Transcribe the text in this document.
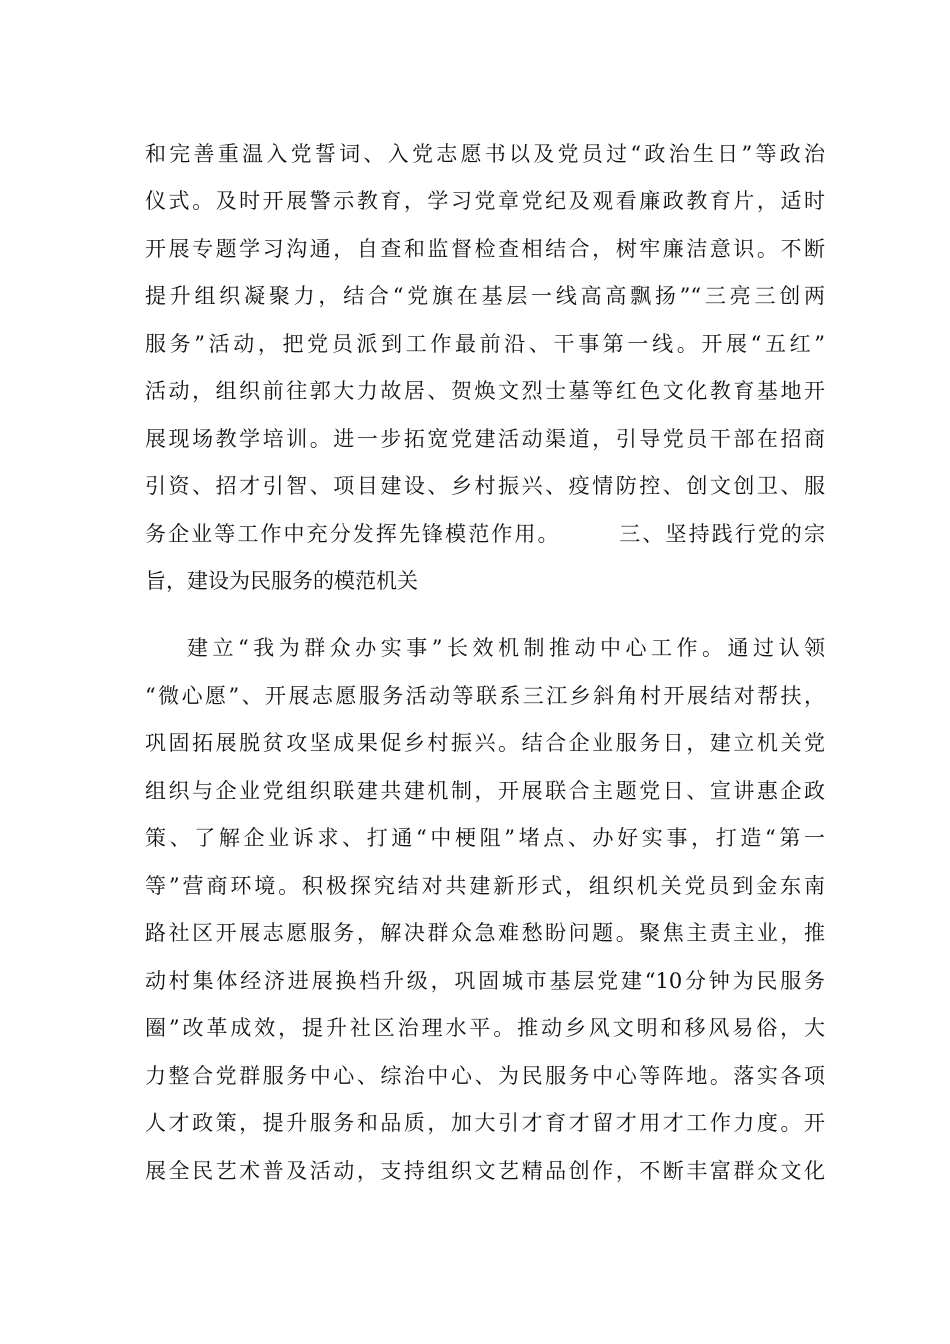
和完善重温入党誓词、入党志愿书以及党员过“政治生日”等政治
仪式。及时开展警示教育，学习党章党纪及观看廉政教育片，适时
开展专题学习沟通，自查和监督检查相结合，树牢廉洁意识。不断
提升组织凝聚力，结合“党旗在基层一线高高飘扬”“三亮三创两
服务”活动，把党员派到工作最前沿、干事第一线。开展“五红”
活动，组织前往郭大力故居、贺焕文烈士墓等红色文化教育基地开
展现场教学培训。进一步拓宽党建活动渠道，引导党员干部在招商
引资、招才引智、项目建设、乡村振兴、疫情防控、创文创卫、服
务企业等工作中充分发挥先锋模范作用。　　　三、坚持践行党的宗
旨，建设为民服务的模范机关
建立“我为群众办实事”长效机制推动中心工作。通过认领
“微心愿”、开展志愿服务活动等联系三江乡斜角村开展结对帮扶，
巩固拓展脱贫攻坚成果促乡村振兴。结合企业服务日，建立机关党
组织与企业党组织联建共建机制，开展联合主题党日、宣讲惠企政
策、了解企业诉求、打通“中梗阻”堵点、办好实事，打造“第一
等”营商环境。积极探究结对共建新形式，组织机关党员到金东南
路社区开展志愿服务，解决群众急难愁盼问题。聚焦主责主业，推
动村集体经济进展换档升级，巩固城市基层党建“10分钟为民服务
圈”改革成效，提升社区治理水平。推动乡风文明和移风易俗，大
力整合党群服务中心、综治中心、为民服务中心等阵地。落实各项
人才政策，提升服务和品质，加大引才育才留才用才工作力度。开
展全民艺术普及活动，支持组织文艺精品创作，不断丰富群众文化
